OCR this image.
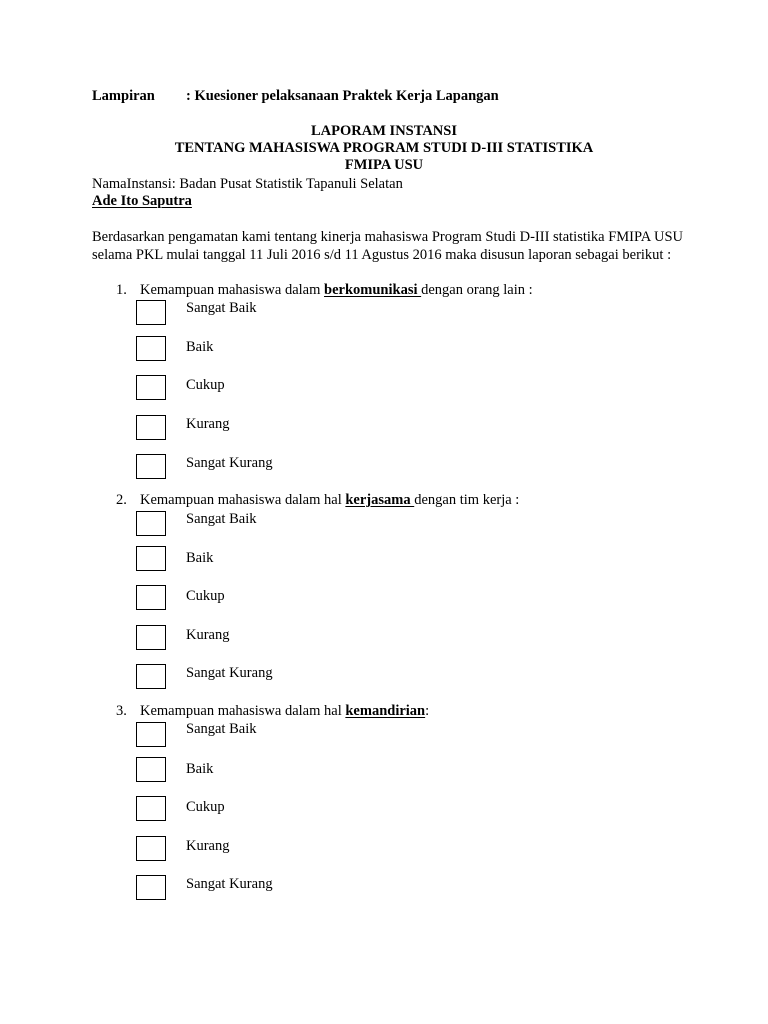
Lampiran : Kuesioner pelaksanaan Praktek Kerja Lapangan
LAPORAM INSTANSI
TENTANG MAHASISWA PROGRAM STUDI D-III STATISTIKA
FMIPA USU
NamaInstansi: Badan Pusat Statistik Tapanuli Selatan
Ade Ito Saputra
Berdasarkan pengamatan kami tentang kinerja mahasiswa Program Studi D-III statistika FMIPA USU
selama PKL mulai tanggal 11 Juli 2016 s/d 11 Agustus 2016 maka disusun laporan sebagai berikut :
1. Kemampuan mahasiswa dalam berkomunikasi dengan orang lain :
Sangat Baik
Baik
Cukup
Kurang
Sangat Kurang
2. Kemampuan mahasiswa dalam hal kerjasama dengan tim kerja :
Sangat Baik
Baik
Cukup
Kurang
Sangat Kurang
3. Kemampuan mahasiswa dalam hal kemandirian:
Sangat Baik
Baik
Cukup
Kurang
Sangat Kurang
